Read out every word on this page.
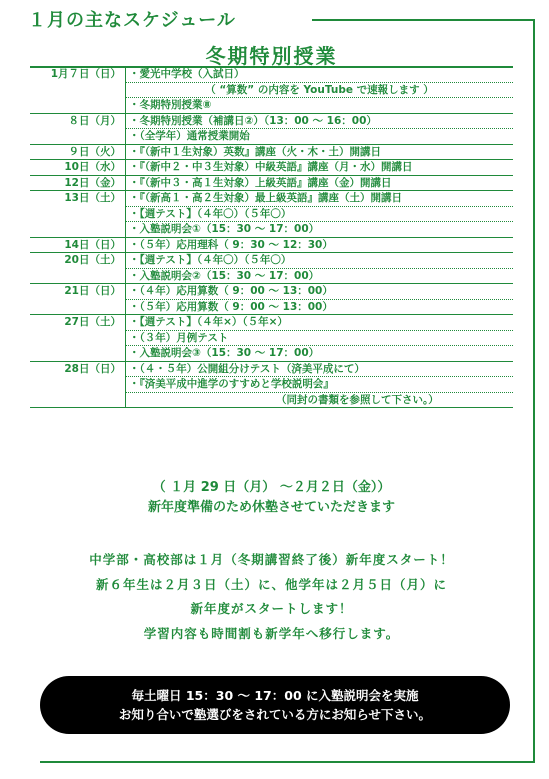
１月の主なスケジュール
冬期特別授業
1月７日（日） ・愛光中学校（入試日）
（ “算数” の内容を YouTube で速報します ）
・冬期特別授業⑧
８日（月） ・冬期特別授業（補講日②）（13：00 ～ 16：00）
・（全学年）通常授業開始
９日（火） ・『（新中１生対象）英数』講座（火・木・土）開講日
10日（水） ・『（新中２・中３生対象）中級英語』講座（月・水）開講日
12日（金） ・『（新中３・高１生対象）上級英語』講座（金）開講日
13日（土） ・『（新高１・高２生対象）最上級英語』講座（土）開講日
・【週テスト】（４年〇）（５年〇）
・入塾説明会①（15：30 ～ 17：00）
14日（日） ・（５年）応用理科（ 9：30 ～ 12：30）
20日（土） ・【週テスト】（４年〇）（５年〇）
・入塾説明会②（15：30 ～ 17：00）
21日（日） ・（４年）応用算数（ 9：00 ～ 13：00）
・（５年）応用算数（ 9：00 ～ 13：00）
27日（土） ・【週テスト】（４年×）（５年×）
・（３年）月例テスト
・入塾説明会③（15：30 ～ 17：00）
28日（日） ・（４・５年）公開組分けテスト（済美平成にて）
・『済美平成中進学のすすめと学校説明会』
（同封の書類を参照して下さい。）
（ １月 29 日（月） ～２月２日（金））
新年度準備のため休塾させていただきます
中学部・高校部は１月（冬期講習終了後）新年度スタート！
新６年生は２月３日（土）に、他学年は２月５日（月）に
新年度がスタートします！
学習内容も時間割も新学年へ移行します。
毎土曜日 15：30 ～ 17：00 に入塾説明会を実施
お知り合いで塾選びをされている方にお知らせ下さい。
